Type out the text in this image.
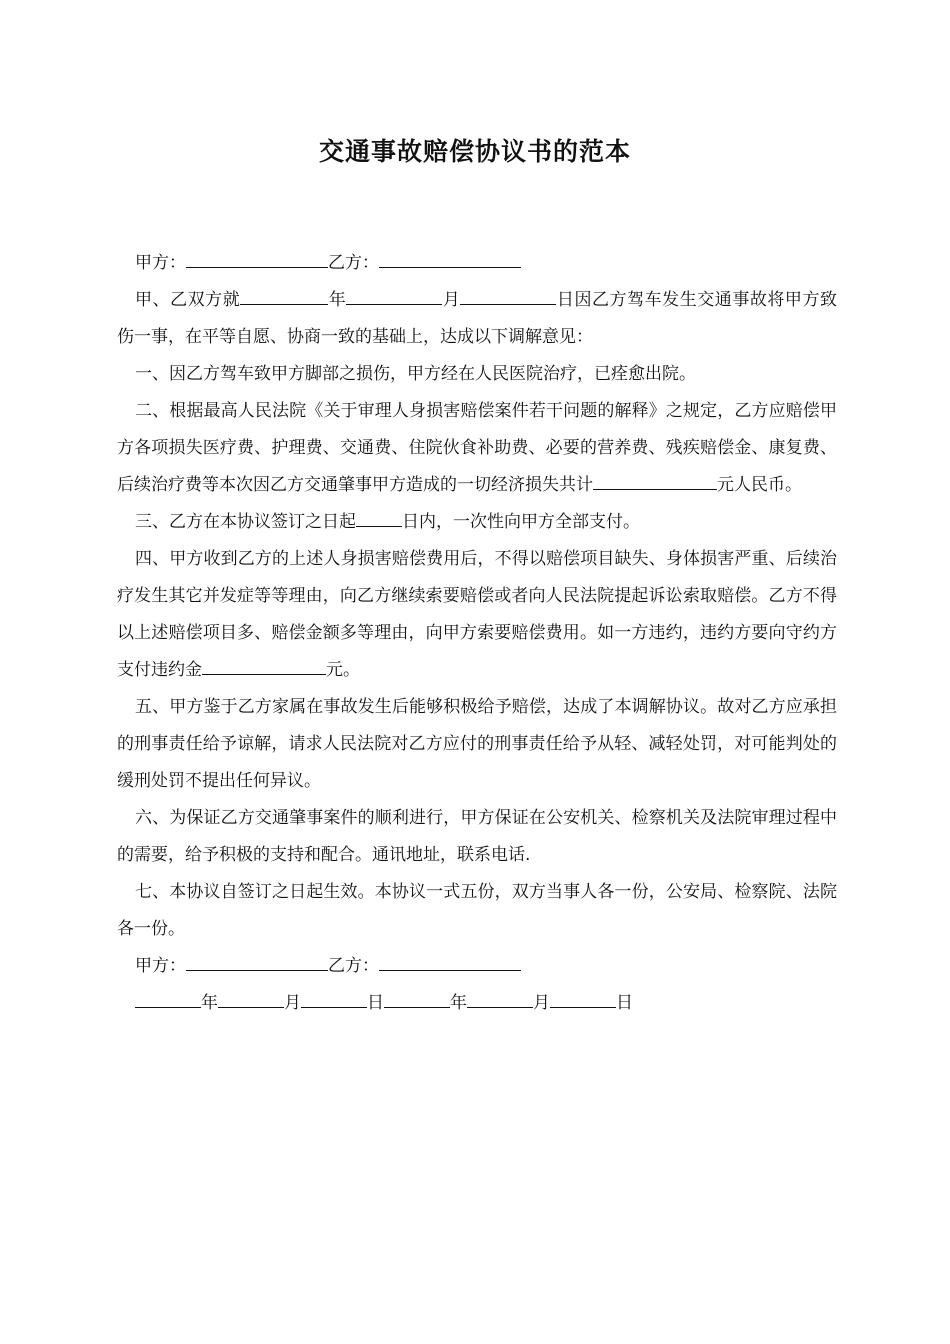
交通事故赔偿协议书的范本

甲方：	乙方：

甲、乙双方就	年	月	日因乙方驾车发生交通事故将甲方致伤一事，在平等自愿、协商一致的基础上，达成以下调解意见：

一、因乙方驾车致甲方脚部之损伤，甲方经在人民医院治疗，已痊愈出院。

二、根据最高人民法院《关于审理人身损害赔偿案件若干问题的解释》之规定，乙方应赔偿甲方各项损失医疗费、护理费、交通费、住院伙食补助费、必要的营养费、残疾赔偿金、康复费、后续治疗费等本次因乙方交通肇事甲方造成的一切经济损失共计	元人民币。

三、乙方在本协议签订之日起	日内，一次性向甲方全部支付。

四、甲方收到乙方的上述人身损害赔偿费用后，不得以赔偿项目缺失、身体损害严重、后续治疗发生其它并发症等等理由，向乙方继续索要赔偿或者向人民法院提起诉讼索取赔偿。乙方不得以上述赔偿项目多、赔偿金额多等理由，向甲方索要赔偿费用。如一方违约，违约方要向守约方支付违约金	元。

五、甲方鉴于乙方家属在事故发生后能够积极给予赔偿，达成了本调解协议。故对乙方应承担的刑事责任给予谅解，请求人民法院对乙方应付的刑事责任给予从轻、减轻处罚，对可能判处的缓刑处罚不提出任何异议。

六、为保证乙方交通肇事案件的顺利进行，甲方保证在公安机关、检察机关及法院审理过程中的需要，给予积极的支持和配合。通讯地址，联系电话.

七、本协议自签订之日起生效。本协议一式五份，双方当事人各一份，公安局、检察院、法院各一份。

甲方：	乙方：

年	月	日	年	月	日
